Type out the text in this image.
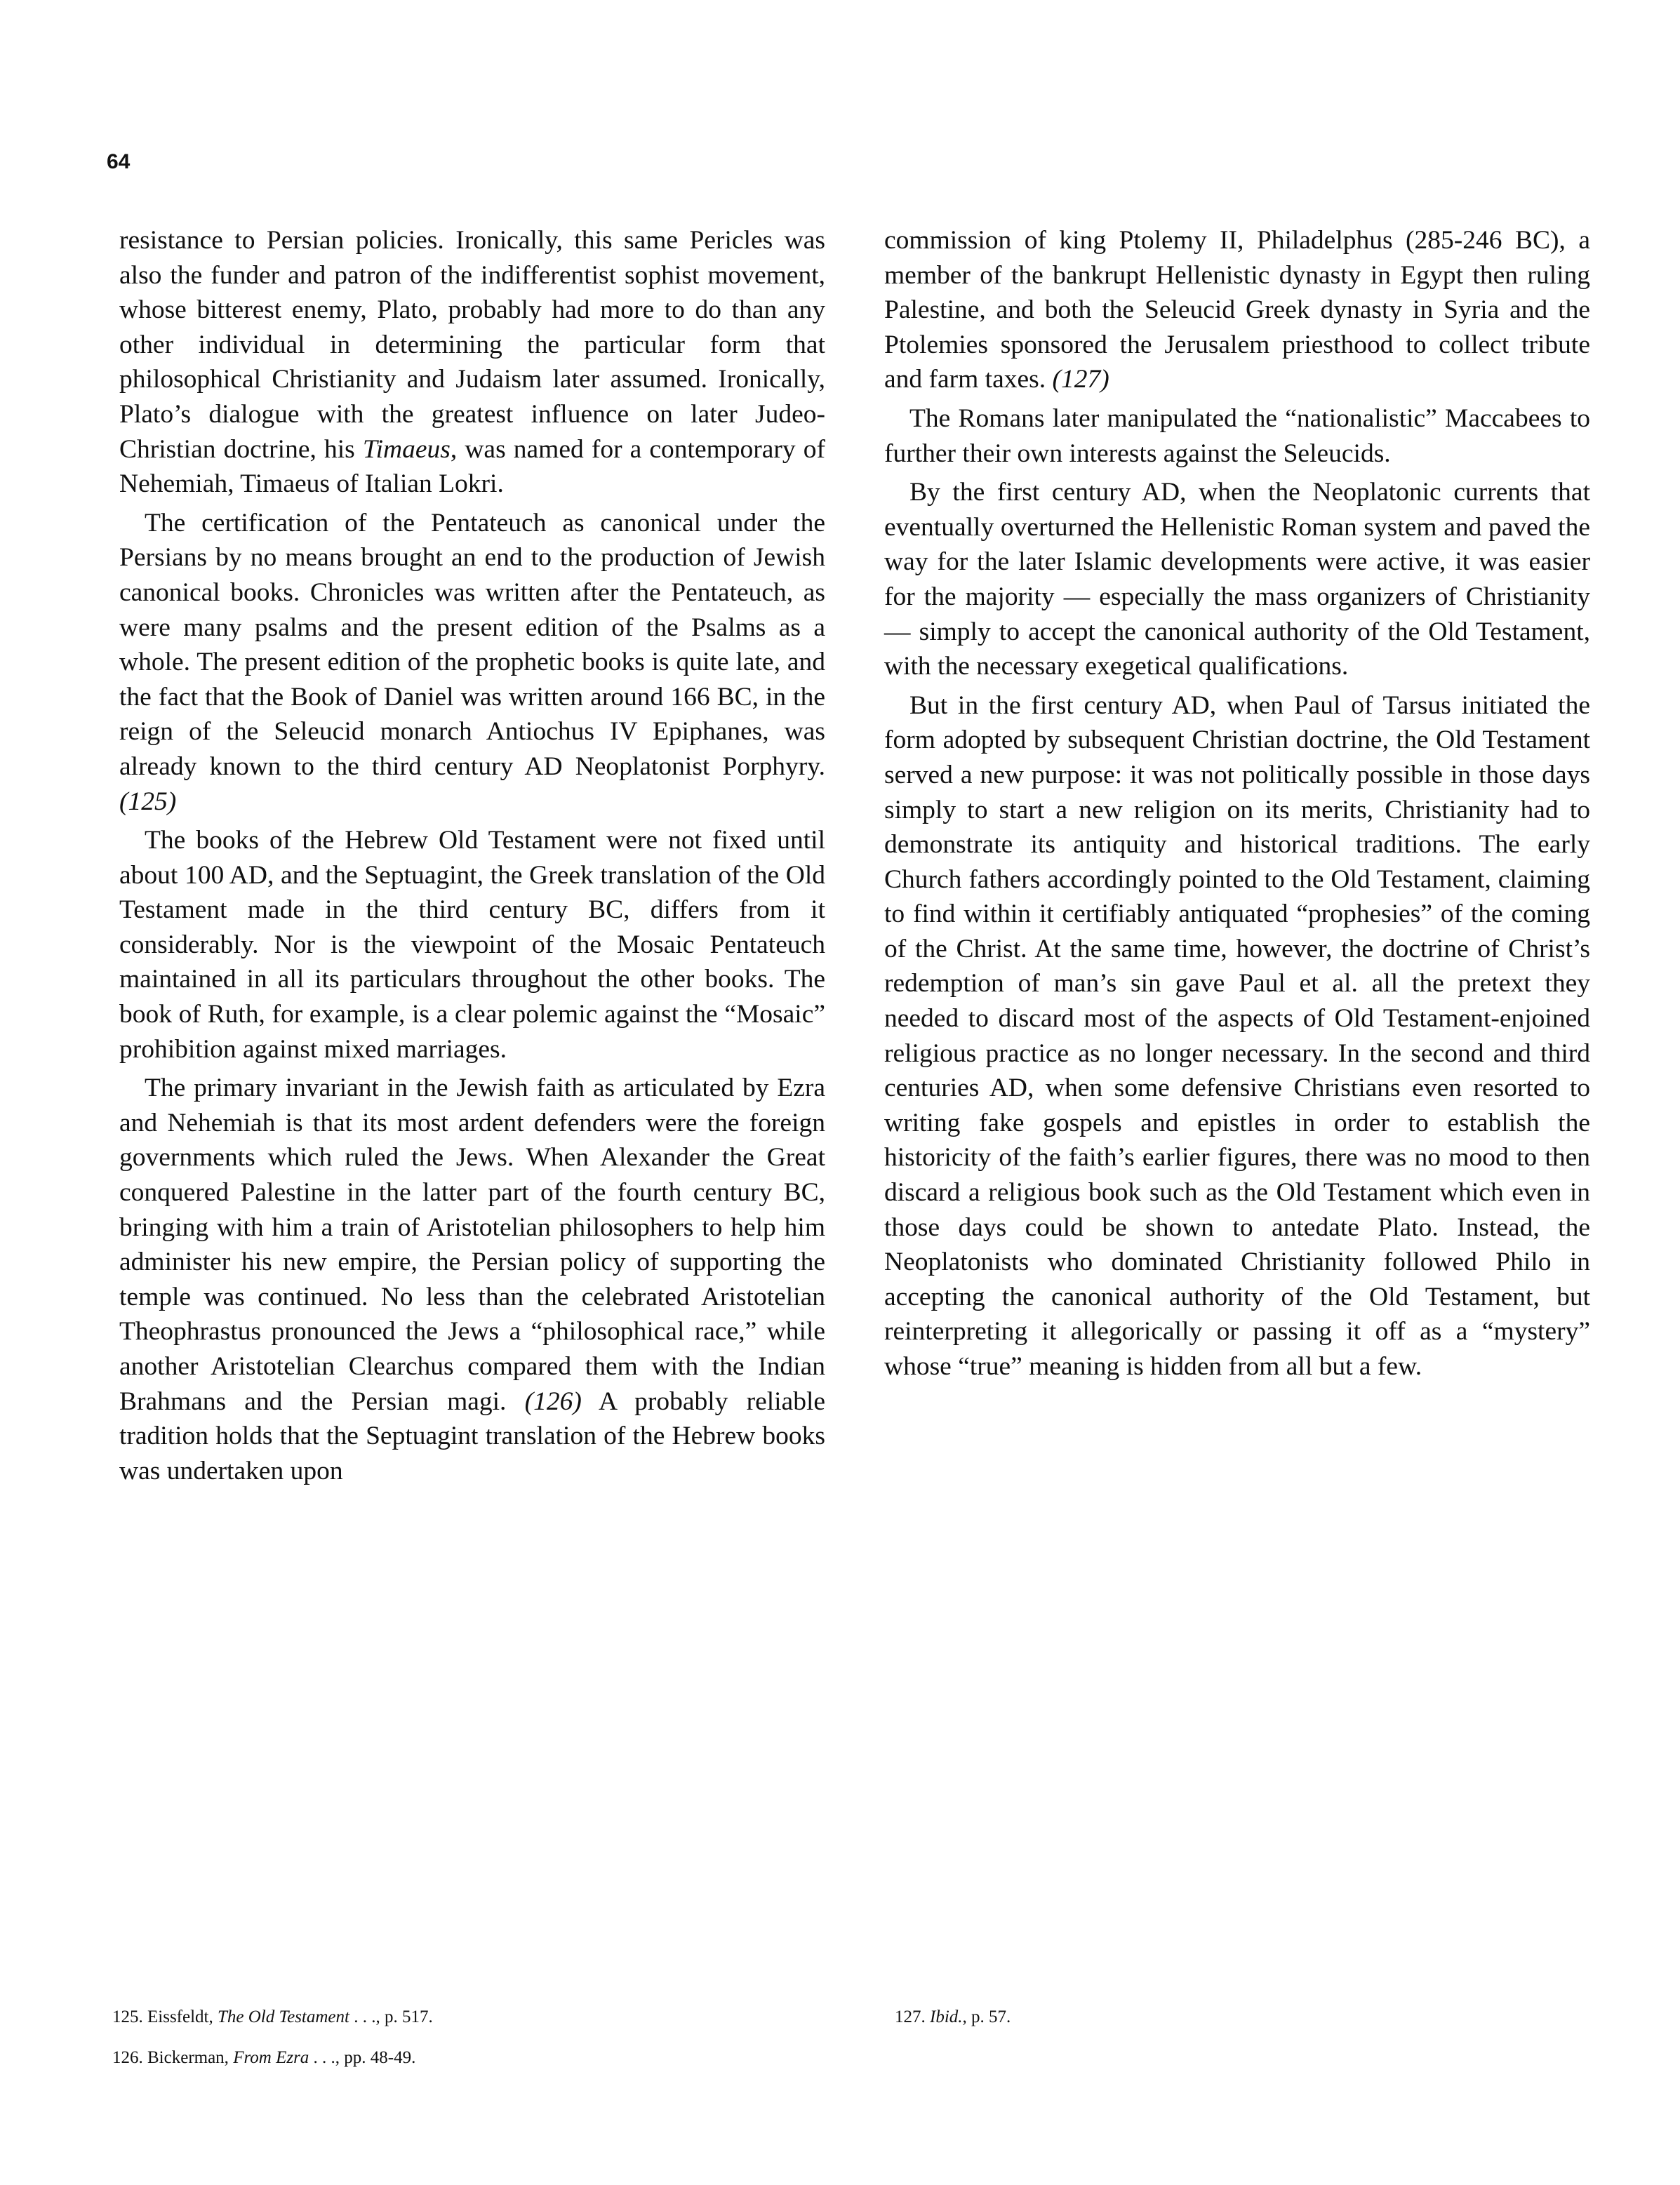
64

resistance to Persian policies. Ironically, this same Pericles was also the funder and patron of the indifferentist sophist movement, whose bitterest enemy, Plato, probably had more to do than any other individual in determining the particular form that philosophical Christianity and Judaism later assumed. Ironically, Plato’s dialogue with the greatest influence on later Judeo-Christian doctrine, his Timaeus, was named for a contemporary of Nehemiah, Timaeus of Italian Lokri.

The certification of the Pentateuch as canonical under the Persians by no means brought an end to the production of Jewish canonical books. Chronicles was written after the Pentateuch, as were many psalms and the present edition of the Psalms as a whole. The present edition of the prophetic books is quite late, and the fact that the Book of Daniel was written around 166 BC, in the reign of the Seleucid monarch Antiochus IV Epiphanes, was already known to the third century AD Neoplatonist Porphyry. (125)

The books of the Hebrew Old Testament were not fixed until about 100 AD, and the Septuagint, the Greek translation of the Old Testament made in the third century BC, differs from it considerably. Nor is the viewpoint of the Mosaic Pentateuch maintained in all its particulars throughout the other books. The book of Ruth, for example, is a clear polemic against the “Mosaic” prohibition against mixed marriages.

The primary invariant in the Jewish faith as articulated by Ezra and Nehemiah is that its most ardent defenders were the foreign governments which ruled the Jews. When Alexander the Great conquered Palestine in the latter part of the fourth century BC, bringing with him a train of Aristotelian philosophers to help him administer his new empire, the Persian policy of supporting the temple was continued. No less than the celebrated Aristotelian Theophrastus pronounced the Jews a “philosophical race,” while another Aristotelian Clearchus compared them with the Indian Brahmans and the Persian magi. (126) A probably reliable tradition holds that the Septuagint translation of the Hebrew books was undertaken upon

commission of king Ptolemy II, Philadelphus (285-246 BC), a member of the bankrupt Hellenistic dynasty in Egypt then ruling Palestine, and both the Seleucid Greek dynasty in Syria and the Ptolemies sponsored the Jerusalem priesthood to collect tribute and farm taxes. (127)

The Romans later manipulated the “nationalistic” Maccabees to further their own interests against the Seleucids.

By the first century AD, when the Neoplatonic currents that eventually overturned the Hellenistic Roman system and paved the way for the later Islamic developments were active, it was easier for the majority — especially the mass organizers of Christianity — simply to accept the canonical authority of the Old Testament, with the necessary exegetical qualifications.

But in the first century AD, when Paul of Tarsus initiated the form adopted by subsequent Christian doctrine, the Old Testament served a new purpose: it was not politically possible in those days simply to start a new religion on its merits, Christianity had to demonstrate its antiquity and historical traditions. The early Church fathers accordingly pointed to the Old Testament, claiming to find within it certifiably antiquated “prophesies” of the coming of the Christ. At the same time, however, the doctrine of Christ’s redemption of man’s sin gave Paul et al. all the pretext they needed to discard most of the aspects of Old Testament-enjoined religious practice as no longer necessary. In the second and third centuries AD, when some defensive Christians even resorted to writing fake gospels and epistles in order to establish the historicity of the faith’s earlier figures, there was no mood to then discard a religious book such as the Old Testament which even in those days could be shown to antedate Plato. Instead, the Neoplatonists who dominated Christianity followed Philo in accepting the canonical authority of the Old Testament, but reinterpreting it allegorically or passing it off as a “mystery” whose “true” meaning is hidden from all but a few.

125. Eissfeldt, The Old Testament . . ., p. 517.
126. Bickerman, From Ezra . . ., pp. 48-49.
127. Ibid., p. 57.
